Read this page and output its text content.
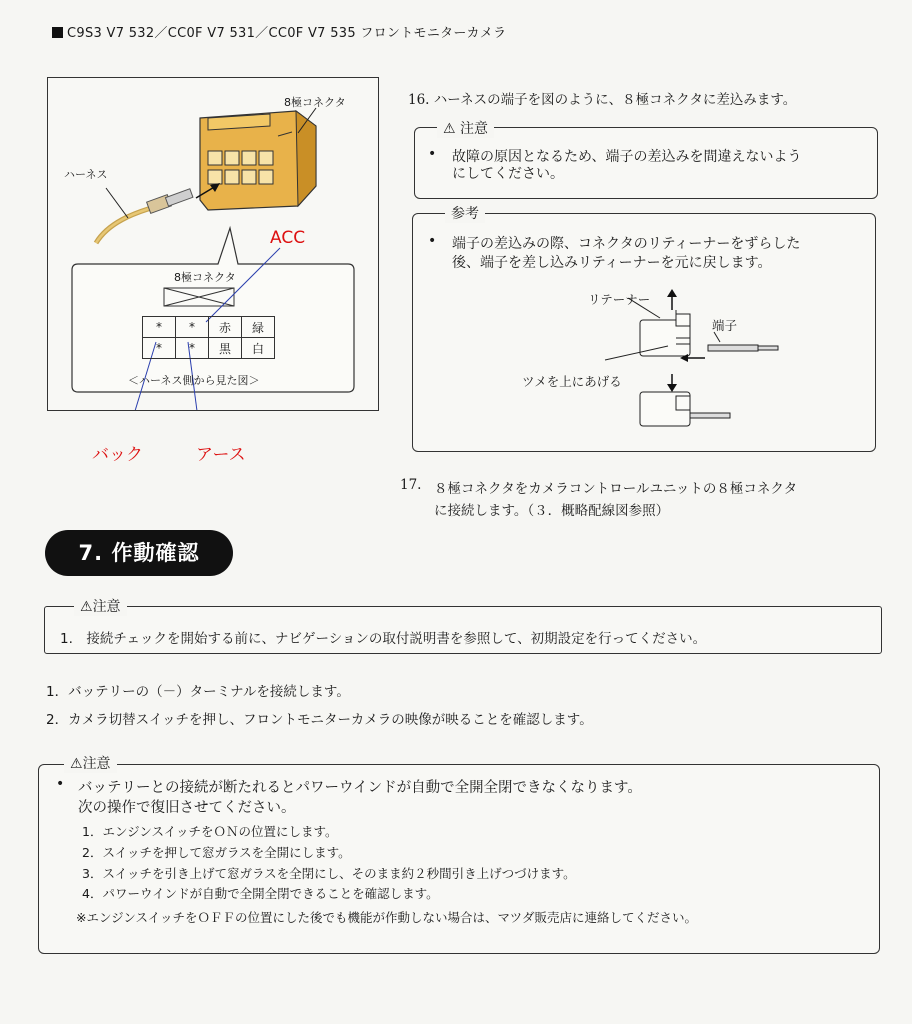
C9S3 V7 532／CC0F V7 531／CC0F V7 535 フロントモニターカメラ
8極コネクタ
ハーネス
8極コネクタ
*	*	赤	緑
*	*	黒	白
＜ハーネス側から見た図＞
ACC
バック	アース
16. ハーネスの端子を図のように、８極コネクタに差込みます。
⚠ 注意
• 故障の原因となるため、端子の差込みを間違えないよう
にしてください。
参考
• 端子の差込みの際、コネクタのリティーナーをずらした
後、端子を差し込みリティーナーを元に戻します。
リテーナー
端子
ツメを上にあげる
17. ８極コネクタをカメラコントロールユニットの８極コネクタ
に接続します。（３．概略配線図参照）
7. 作動確認
⚠注意
1.　接続チェックを開始する前に、ナビゲーションの取付説明書を参照して、初期設定を行ってください。
1．バッテリーの（－）ターミナルを接続します。
2．カメラ切替スイッチを押し、フロントモニターカメラの映像が映ることを確認します。
⚠注意
• バッテリーとの接続が断たれるとパワーウインドが自動で全開全閉できなくなります。
次の操作で復旧させてください。
1．エンジンスイッチをＯＮの位置にします。
2．スイッチを押して窓ガラスを全開にします。
3．スイッチを引き上げて窓ガラスを全閉にし、そのまま約２秒間引き上げつづけます。
4．パワーウインドが自動で全開全閉できることを確認します。
※エンジンスイッチをＯＦＦの位置にした後でも機能が作動しない場合は、マツダ販売店に連絡してください。
